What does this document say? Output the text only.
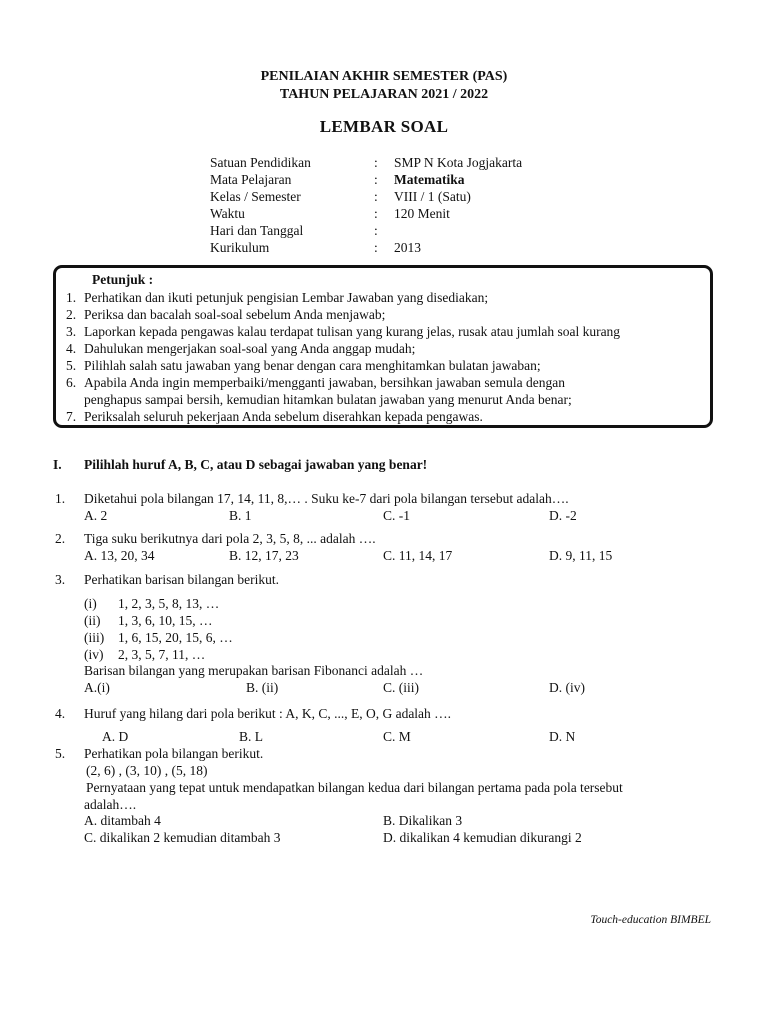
PENILAIAN AKHIR SEMESTER (PAS)
TAHUN PELAJARAN 2021 / 2022
LEMBAR SOAL
Satuan Pendidikan	: SMP N Kota Jogjakarta
Mata Pelajaran	: Matematika
Kelas / Semester	: VIII / 1 (Satu)
Waktu	: 120 Menit
Hari dan Tanggal	:
Kurikulum	: 2013
Petunjuk :
1. Perhatikan dan ikuti petunjuk pengisian Lembar Jawaban yang disediakan;
2. Periksa dan bacalah soal-soal sebelum Anda menjawab;
3. Laporkan kepada pengawas kalau terdapat tulisan yang kurang jelas, rusak atau jumlah soal kurang
4. Dahulukan mengerjakan soal-soal yang Anda anggap mudah;
5. Pilihlah salah satu jawaban yang benar dengan cara menghitamkan bulatan jawaban;
6. Apabila Anda ingin memperbaiki/mengganti jawaban, bersihkan jawaban semula dengan
penghapus sampai bersih, kemudian hitamkan bulatan jawaban yang menurut Anda benar;
7. Periksalah seluruh pekerjaan Anda sebelum diserahkan kepada pengawas.
I. Pilihlah huruf A, B, C, atau D sebagai jawaban yang benar!
1. Diketahui pola bilangan 17, 14, 11, 8,… . Suku ke-7 dari pola bilangan tersebut adalah….
A. 2	B. 1	C. -1	D. -2
2. Tiga suku berikutnya dari pola 2, 3, 5, 8, ... adalah ….
A. 13, 20, 34	B. 12, 17, 23	C. 11, 14, 17	D. 9, 11, 15
3. Perhatikan barisan bilangan berikut.
(i) 1, 2, 3, 5, 8, 13, …
(ii) 1, 3, 6, 10, 15, …
(iii) 1, 6, 15, 20, 15, 6, …
(iv) 2, 3, 5, 7, 11, …
Barisan bilangan yang merupakan barisan Fibonanci adalah …
A.(i)	B. (ii)	C. (iii)	D. (iv)
4. Huruf yang hilang dari pola berikut : A, K, C, ..., E, O, G adalah ….
A. D	B. L	C. M	D. N
5. Perhatikan pola bilangan berikut.
(2, 6) , (3, 10) , (5, 18)
Pernyataan yang tepat untuk mendapatkan bilangan kedua dari bilangan pertama pada pola tersebut
adalah….
A. ditambah 4	B. Dikalikan 3
C. dikalikan 2 kemudian ditambah 3	D. dikalikan 4 kemudian dikurangi 2
Touch-education BIMBEL
